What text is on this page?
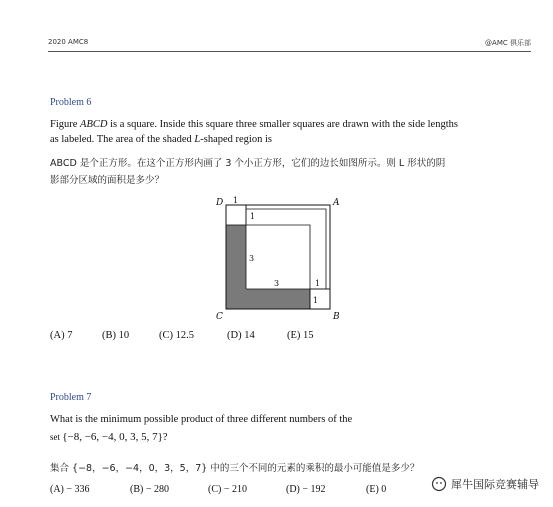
2020 AMC8	@AMC 俱乐部
Problem 6
Figure ABCD is a square. Inside this square three smaller squares are drawn with the side lengths
as labeled. The area of the shaded L-shaped region is
ABCD 是个正方形。在这个正方形内画了 3 个小正方形，它们的边长如图所示。则 L 形状的阴
影部分区域的面积是多少？
D	A
C	B
1
1
3
3	1
1
(A) 7	(B) 10	(C) 12.5	(D) 14	(E) 15
Problem 7
What is the minimum possible product of three different numbers of the
set {−8, −6, −4, 0, 3, 5, 7}?
集合 {−8，−6，−4，0，3，5，7} 中的三个不同的元素的乘积的最小可能值是多少？
(A) − 336	(B) − 280	(C) − 210	(D) − 192	(E) 0	犀牛国际竞赛辅导
